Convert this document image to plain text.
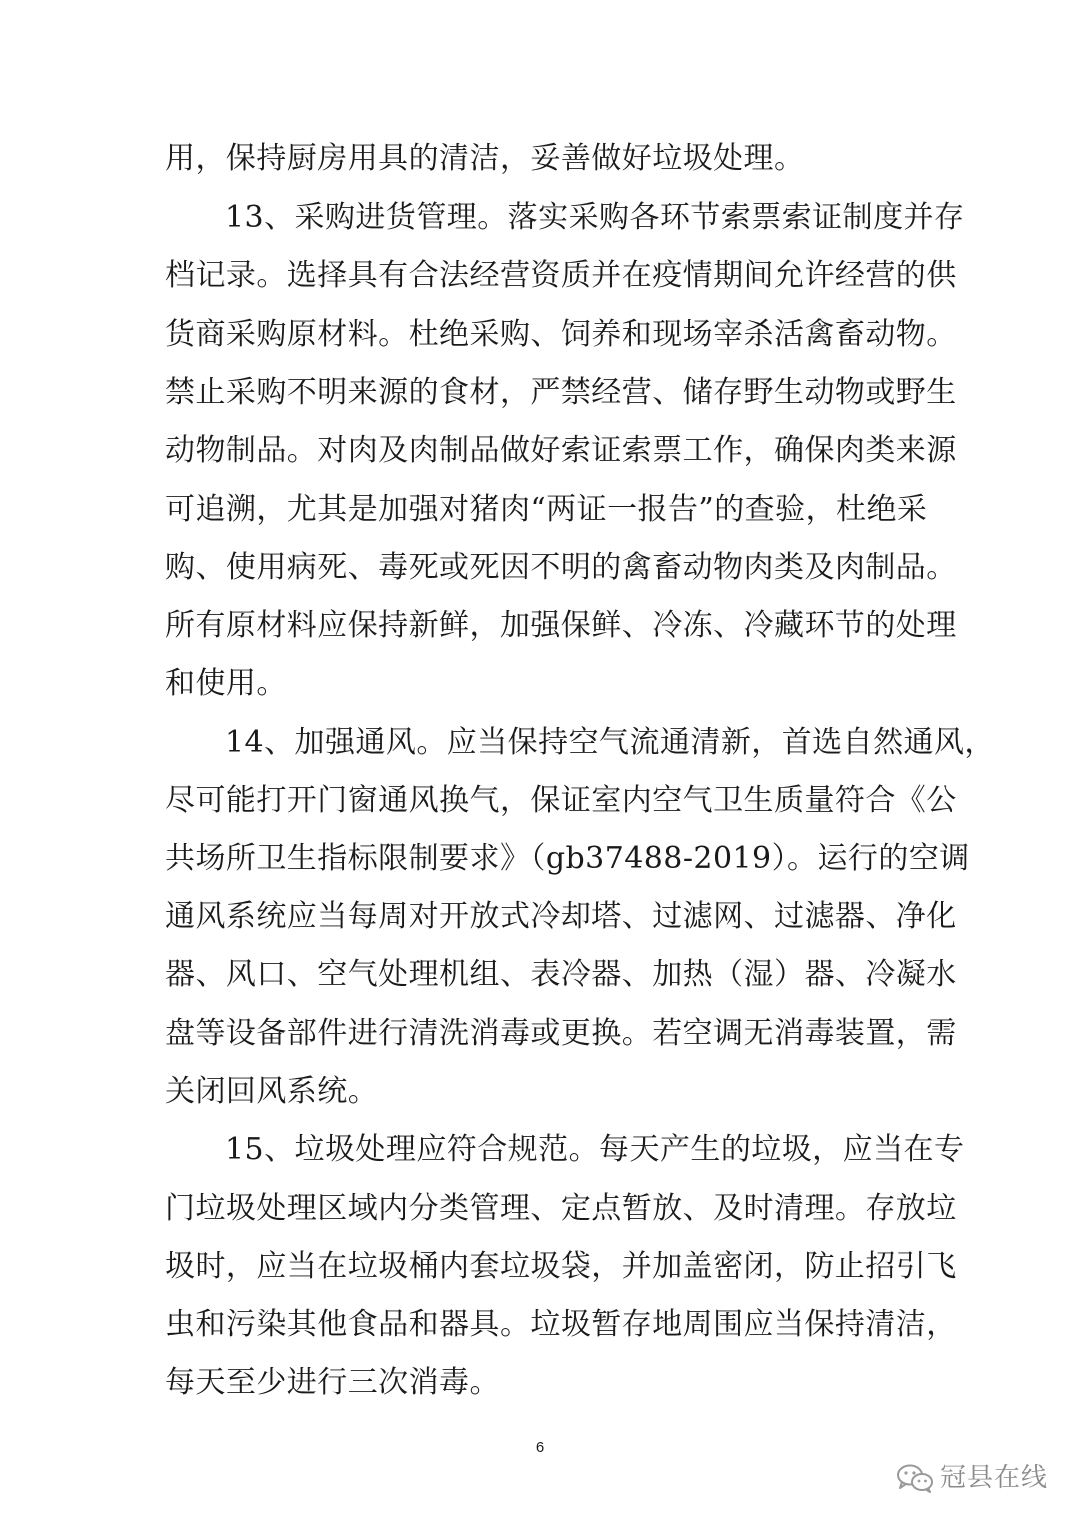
用，保持厨房用具的清洁，妥善做好垃圾处理。
13、采购进货管理。落实采购各环节索票索证制度并存
档记录。选择具有合法经营资质并在疫情期间允许经营的供
货商采购原材料。杜绝采购、饲养和现场宰杀活禽畜动物。
禁止采购不明来源的食材，严禁经营、储存野生动物或野生
动物制品。对肉及肉制品做好索证索票工作，确保肉类来源
可追溯，尤其是加强对猪肉“两证一报告”的查验，杜绝采
购、使用病死、毒死或死因不明的禽畜动物肉类及肉制品。
所有原材料应保持新鲜，加强保鲜、冷冻、冷藏环节的处理
和使用。
14、加强通风。应当保持空气流通清新，首选自然通风，
尽可能打开门窗通风换气，保证室内空气卫生质量符合《公
共场所卫生指标限制要求》（gb37488-2019）。运行的空调
通风系统应当每周对开放式冷却塔、过滤网、过滤器、净化
器、风口、空气处理机组、表冷器、加热（湿）器、冷凝水
盘等设备部件进行清洗消毒或更换。若空调无消毒装置，需
关闭回风系统。
15、垃圾处理应符合规范。每天产生的垃圾，应当在专
门垃圾处理区域内分类管理、定点暂放、及时清理。存放垃
圾时，应当在垃圾桶内套垃圾袋，并加盖密闭，防止招引飞
虫和污染其他食品和器具。垃圾暂存地周围应当保持清洁，
每天至少进行三次消毒。
6
冠县在线
